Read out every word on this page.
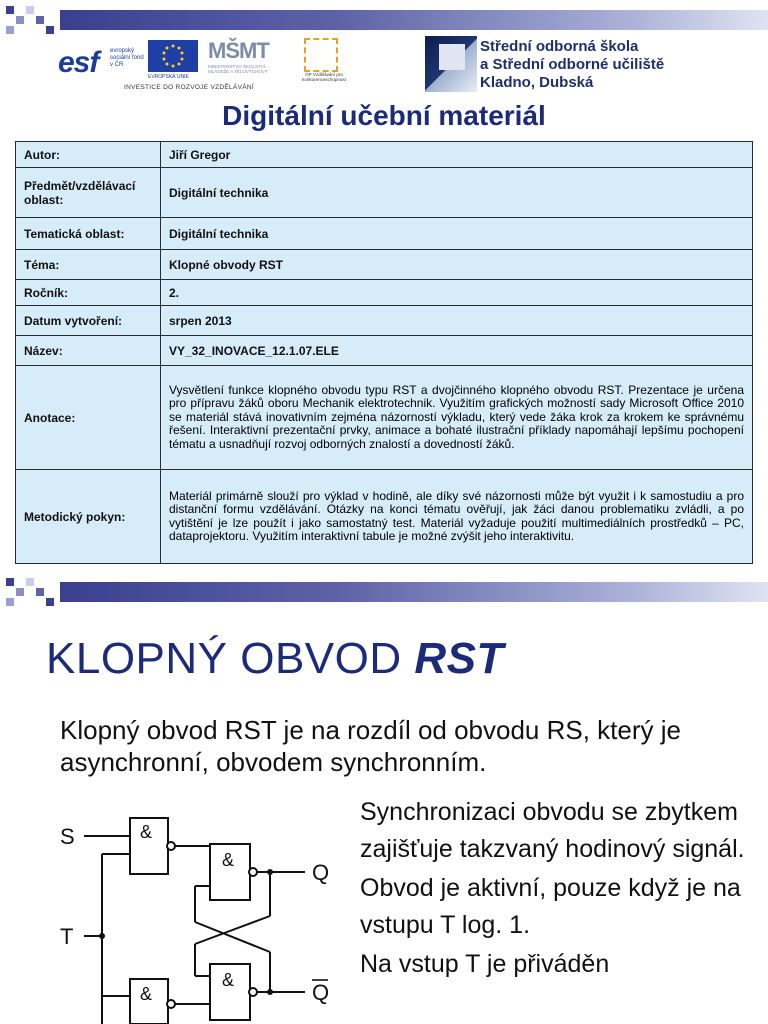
esf evropský sociální fond v ČR
EVROPSKÁ UNIE
MŠMT
MINISTERSTVO ŠKOLSTVÍ, MLÁDEŽE A TĚLOVÝCHOVY
OP Vzdělávání pro konkurenceschopnost
INVESTICE DO ROZVOJE VZDĚLÁVÁNÍ
Střední odborná škola
a Střední odborné učiliště
Kladno, Dubská
Digitální učební materiál
Autor:	Jiří Gregor
Předmět/vzdělávací oblast:	Digitální technika
Tematická oblast:	Digitální technika
Téma:	Klopné obvody RST
Ročník:	2.
Datum vytvoření:	srpen 2013
Název:	VY_32_INOVACE_12.1.07.ELE
Anotace:	Vysvětlení funkce klopného obvodu typu RST a dvojčinného klopného obvodu RST. Prezentace je určena pro přípravu žáků oboru Mechanik elektrotechnik. Využitím grafických možností sady Microsoft Office 2010 se materiál stává inovativním zejména názorností výkladu, který vede žáka krok za krokem ke správnému řešení. Interaktivní prezentační prvky, animace a bohaté ilustrační příklady napomáhají lepšímu pochopení tématu a usnadňují rozvoj odborných znalostí a dovedností žáků.
Metodický pokyn:	Materiál primárně slouží pro výklad v hodině, ale díky své názornosti může být využit i k samostudiu a pro distanční formu vzdělávání. Otázky na konci tématu ověřují, jak žáci danou problematiku zvládli, a po vytištění je lze použít i jako samostatný test. Materiál vyžaduje použití multimediálních prostředků – PC, dataprojektoru. Využitím interaktivní tabule je možné zvýšit jeho interaktivitu.
KLOPNÝ OBVOD RST
Klopný obvod RST je na rozdíl od obvodu RS, který je asynchronní, obvodem synchronním.
S
T
Q
Q
&
&
&
&

Synchronizaci obvodu se zbytkem zajišťuje takzvaný hodinový signál.

Obvod je aktivní, pouze když je na vstupu T log. 1.

Na vstup T je přiváděn
